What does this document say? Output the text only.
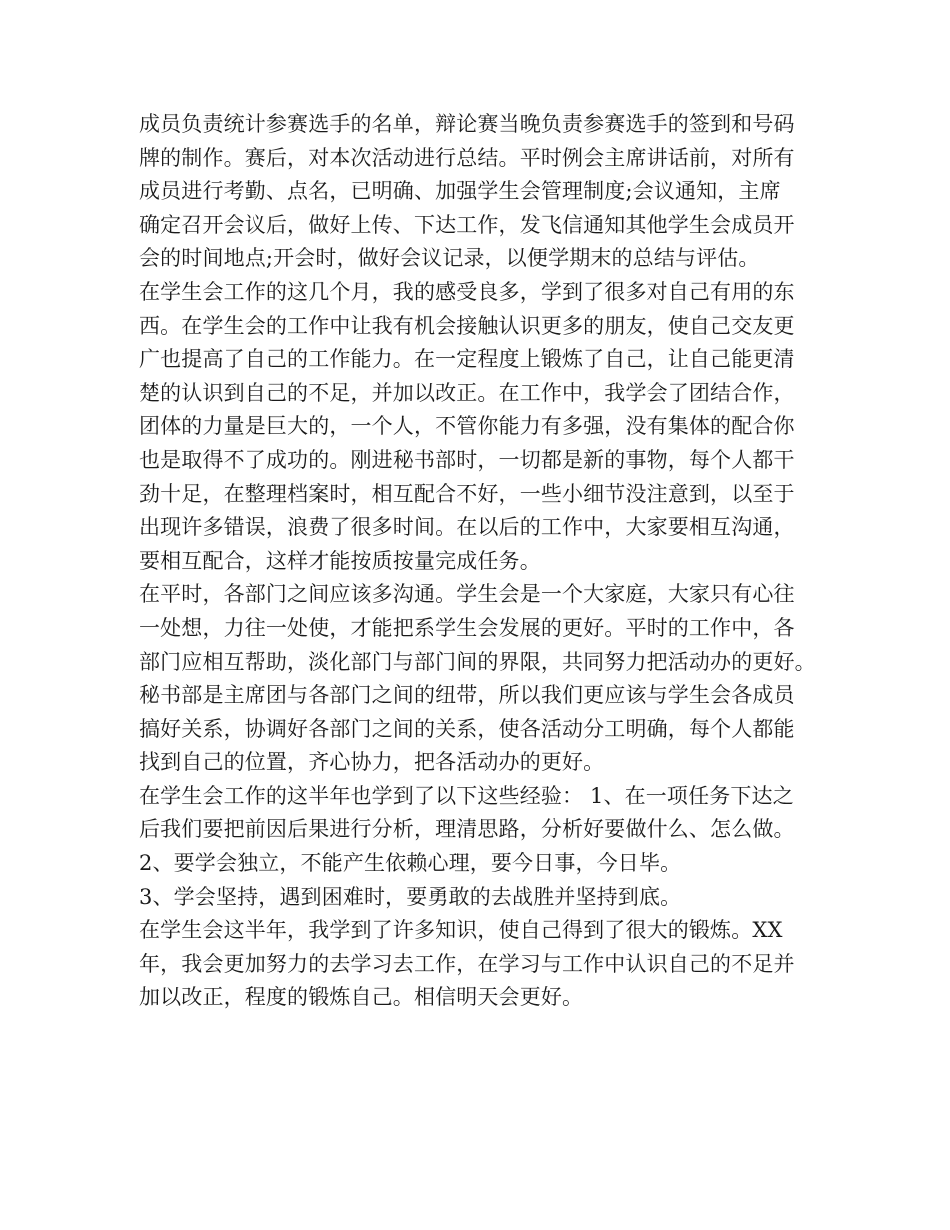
成员负责统计参赛选手的名单，辩论赛当晚负责参赛选手的签到和号码
牌的制作。赛后，对本次活动进行总结。平时例会主席讲话前，对所有
成员进行考勤、点名，已明确、加强学生会管理制度;会议通知，主席
确定召开会议后，做好上传、下达工作，发飞信通知其他学生会成员开
会的时间地点;开会时，做好会议记录，以便学期末的总结与评估。
在学生会工作的这几个月，我的感受良多，学到了很多对自己有用的东
西。在学生会的工作中让我有机会接触认识更多的朋友，使自己交友更
广也提高了自己的工作能力。在一定程度上锻炼了自己，让自己能更清
楚的认识到自己的不足，并加以改正。在工作中，我学会了团结合作，
团体的力量是巨大的，一个人，不管你能力有多强，没有集体的配合你
也是取得不了成功的。刚进秘书部时，一切都是新的事物，每个人都干
劲十足，在整理档案时，相互配合不好，一些小细节没注意到，以至于
出现许多错误，浪费了很多时间。在以后的工作中，大家要相互沟通，
要相互配合，这样才能按质按量完成任务。
在平时，各部门之间应该多沟通。学生会是一个大家庭，大家只有心往
一处想，力往一处使，才能把系学生会发展的更好。平时的工作中，各
部门应相互帮助，淡化部门与部门间的界限，共同努力把活动办的更好。
秘书部是主席团与各部门之间的纽带，所以我们更应该与学生会各成员
搞好关系，协调好各部门之间的关系，使各活动分工明确，每个人都能
找到自己的位置，齐心协力，把各活动办的更好。
在学生会工作的这半年也学到了以下这些经验： 1、在一项任务下达之
后我们要把前因后果进行分析，理清思路，分析好要做什么、怎么做。
2、要学会独立，不能产生依赖心理，要今日事，今日毕。
3、学会坚持，遇到困难时，要勇敢的去战胜并坚持到底。
在学生会这半年，我学到了许多知识，使自己得到了很大的锻炼。XX
年，我会更加努力的去学习去工作，在学习与工作中认识自己的不足并
加以改正，程度的锻炼自己。相信明天会更好。
